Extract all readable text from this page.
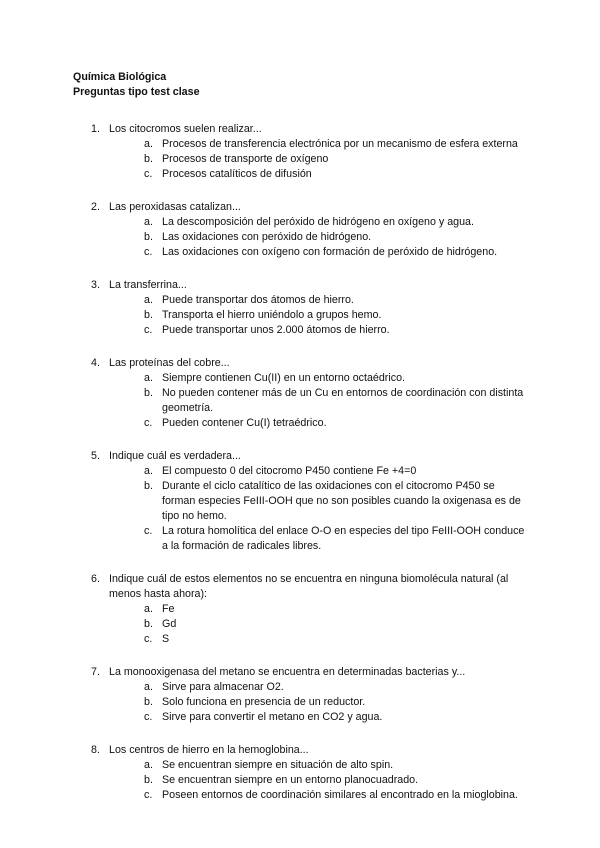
Química Biológica
Preguntas tipo test clase
1. Los citocromos suelen realizar...
a. Procesos de transferencia electrónica por un mecanismo de esfera externa
b. Procesos de transporte de oxígeno
c. Procesos catalíticos de difusión
2. Las peroxidasas catalizan...
a. La descomposición del peróxido de hidrógeno en oxígeno y agua.
b. Las oxidaciones con peróxido de hidrógeno.
c. Las oxidaciones con oxígeno con formación de peróxido de hidrógeno.
3. La transferrina...
a. Puede transportar dos átomos de hierro.
b. Transporta el hierro uniéndolo a grupos hemo.
c. Puede transportar unos 2.000 átomos de hierro.
4. Las proteínas del cobre...
a. Siempre contienen Cu(II) en un entorno octaédrico.
b. No pueden contener más de un Cu en entornos de coordinación con distinta geometría.
c. Pueden contener Cu(I) tetraédrico.
5. Indique cuál es verdadera...
a. El compuesto 0 del citocromo P450 contiene Fe +4=0
b. Durante el ciclo catalítico de las oxidaciones con el citocromo P450 se forman especies FeIII-OOH que no son posibles cuando la oxigenasa es de tipo no hemo.
c. La rotura homolítica del enlace O-O en especies del tipo FeIII-OOH conduce a la formación de radicales libres.
6. Indique cuál de estos elementos no se encuentra en ninguna biomolécula natural (al menos hasta ahora):
a. Fe
b. Gd
c. S
7. La monooxigenasa del metano se encuentra en determinadas bacterias y...
a. Sirve para almacenar O2.
b. Solo funciona en presencia de un reductor.
c. Sirve para convertir el metano en CO2 y agua.
8. Los centros de hierro en la hemoglobina...
a. Se encuentran siempre en situación de alto spin.
b. Se encuentran siempre en un entorno planocuadrado.
c. Poseen entornos de coordinación similares al encontrado en la mioglobina.
